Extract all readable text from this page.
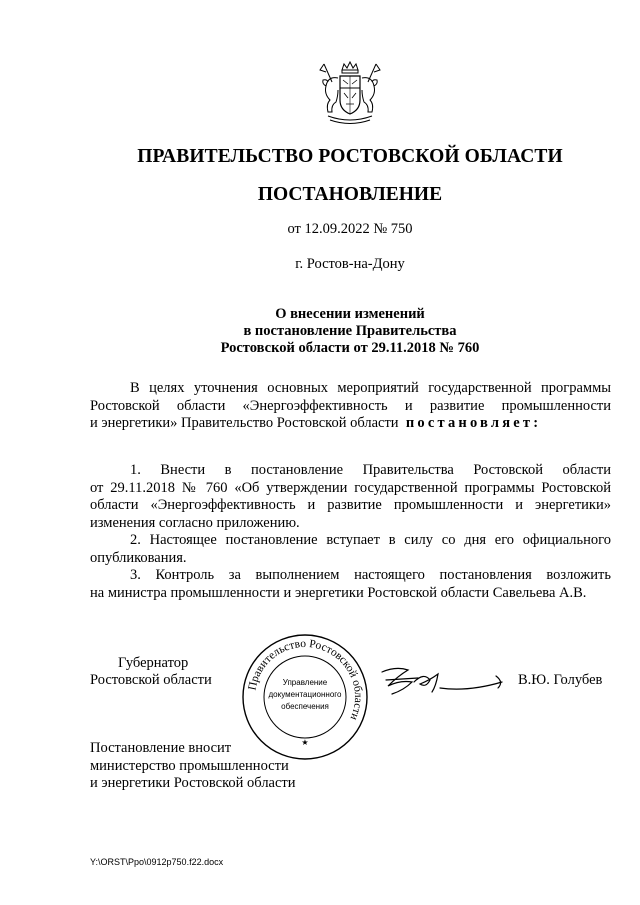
ПРАВИТЕЛЬСТВО РОСТОВСКОЙ ОБЛАСТИ
ПОСТАНОВЛЕНИЕ
от 12.09.2022 № 750
г. Ростов-на-Дону
О внесении изменений
в постановление Правительства
Ростовской области от 29.11.2018 № 760
В целях уточнения основных мероприятий государственной программы
Ростовской области «Энергоэффективность и развитие промышленности
и энергетики» Правительство Ростовской области постановляет:
1. Внести в постановление Правительства Ростовской области
от 29.11.2018 № 760 «Об утверждении государственной программы Ростовской
области «Энергоэффективность и развитие промышленности и энергетики»
изменения согласно приложению.
2. Настоящее постановление вступает в силу со дня его официального
опубликования.
3. Контроль за выполнением настоящего постановления возложить
на министра промышленности и энергетики Ростовской области Савельева А.В.
Губернатор
Ростовской области	Правительство Ростовской области
Управление
документационного
обеспечения
★
В.Ю. Голубев
Постановление вносит
министерство промышленности
и энергетики Ростовской области
Y:\ORST\Ppo\0912p750.f22.docx
